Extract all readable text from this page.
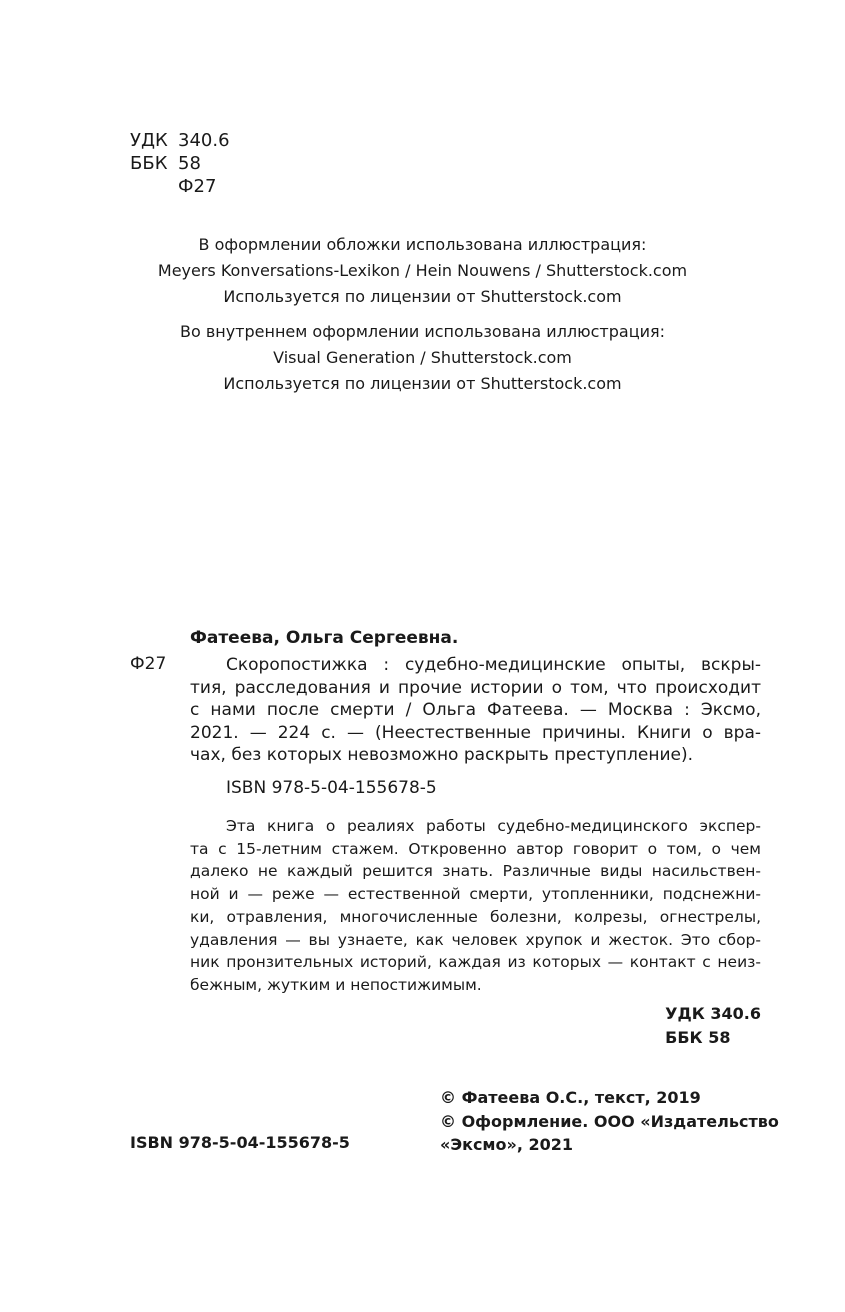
УДК 340.6
ББК 58
Ф27
В оформлении обложки использована иллюстрация:
Meyers Konversations-Lexikon / Hein Nouwens / Shutterstock.com
Используется по лицензии от Shutterstock.com
Во внутреннем оформлении использована иллюстрация:
Visual Generation / Shutterstock.com
Используется по лицензии от Shutterstock.com
Фатеева, Ольга Сергеевна.
Ф27	Скоропостижка : судебно-медицинские опыты, вскры-
тия, расследования и прочие истории о том, что происходит
с нами после смерти / Ольга Фатеева. — Москва : Эксмо,
2021. — 224 с. — (Неестественные причины. Книги о вра-
чах, без которых невозможно раскрыть преступление).
ISBN 978-5-04-155678-5
Эта книга о реалиях работы судебно-медицинского экспер-
та с 15-летним стажем. Откровенно автор говорит о том, о чем
далеко не каждый решится знать. Различные виды насильствен-
ной и — реже — естественной смерти, утопленники, подснежни-
ки, отравления, многочисленные болезни, колрезы, огнестрелы,
удавления — вы узнаете, как человек хрупок и жесток. Это сбор-
ник пронзительных историй, каждая из которых — контакт с неиз-
бежным, жутким и непостижимым.
УДК 340.6
ББК 58
© Фатеева О.С., текст, 2019
© Оформление. ООО «Издательство
«Эксмо», 2021
ISBN 978-5-04-155678-5
